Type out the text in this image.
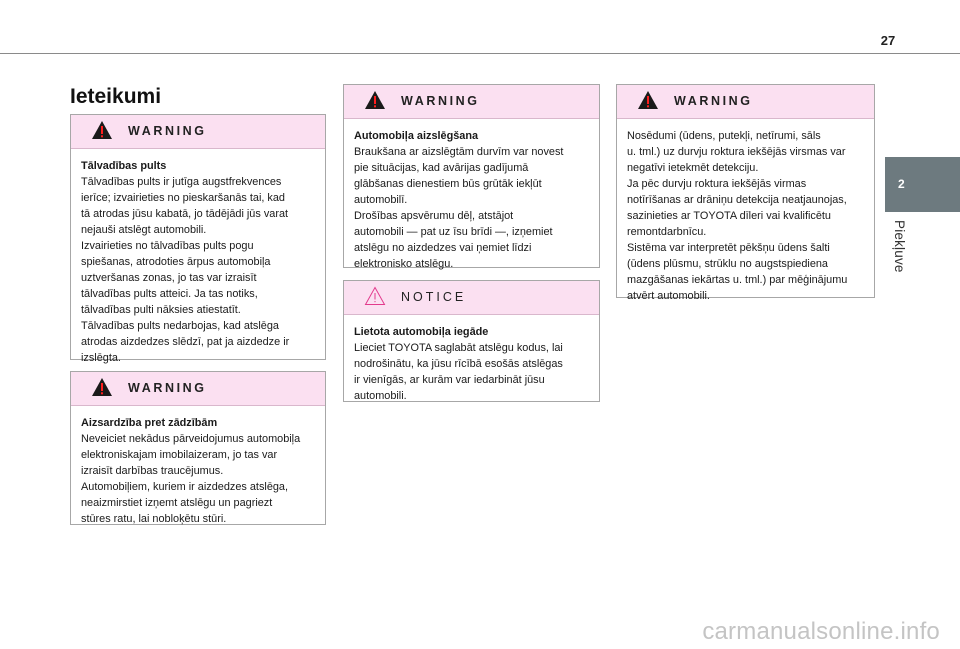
27
2
Piekļuve
Ieteikumi
WARNING
Tālvadības pults
Tālvadības pults ir jutīga augstfrekvences
ierīce; izvairieties no pieskaršanās tai, kad
tā atrodas jūsu kabatā, jo tādējādi jūs varat
nejauši atslēgt automobili.
Izvairieties no tālvadības pults pogu
spiešanas, atrodoties ārpus automobiļa
uztveršanas zonas, jo tas var izraisīt
tālvadības pults atteici. Ja tas notiks,
tālvadības pulti nāksies atiestatīt.
Tālvadības pults nedarbojas, kad atslēga
atrodas aizdedzes slēdzī, pat ja aizdedze ir
izslēgta.
WARNING
Aizsardzība pret zādzībām
Neveiciet nekādus pārveidojumus automobiļa
elektroniskajam imobilaizeram, jo tas var
izraisīt darbības traucējumus.
Automobiļiem, kuriem ir aizdedzes atslēga,
neaizmirstiet izņemt atslēgu un pagriezt
stūres ratu, lai nobloķētu stūri.
WARNING
Automobiļa aizslēgšana
Braukšana ar aizslēgtām durvīm var novest
pie situācijas, kad avārijas gadījumā
glābšanas dienestiem būs grūtāk iekļūt
automobilī.
Drošības apsvērumu dēļ, atstājot
automobili — pat uz īsu brīdi —, izņemiet
atslēgu no aizdedzes vai ņemiet līdzi
elektronisko atslēgu.
NOTICE
Lietota automobiļa iegāde
Lieciet TOYOTA saglabāt atslēgu kodus, lai
nodrošinātu, ka jūsu rīcībā esošās atslēgas
ir vienīgās, ar kurām var iedarbināt jūsu
automobili.
WARNING
Nosēdumi (ūdens, putekļi, netīrumi, sāls
u. tml.) uz durvju roktura iekšējās virsmas var
negatīvi ietekmēt detekciju.
Ja pēc durvju roktura iekšējās virmas
notīrīšanas ar drāniņu detekcija neatjaunojas,
sazinieties ar TOYOTA dīleri vai kvalificētu
remontdarbnīcu.
Sistēma var interpretēt pēkšņu ūdens šalti
(ūdens plūsmu, strūklu no augstspiediena
mazgāšanas iekārtas u. tml.) par mēģinājumu
atvērt automobili.
carmanualsonline.info
